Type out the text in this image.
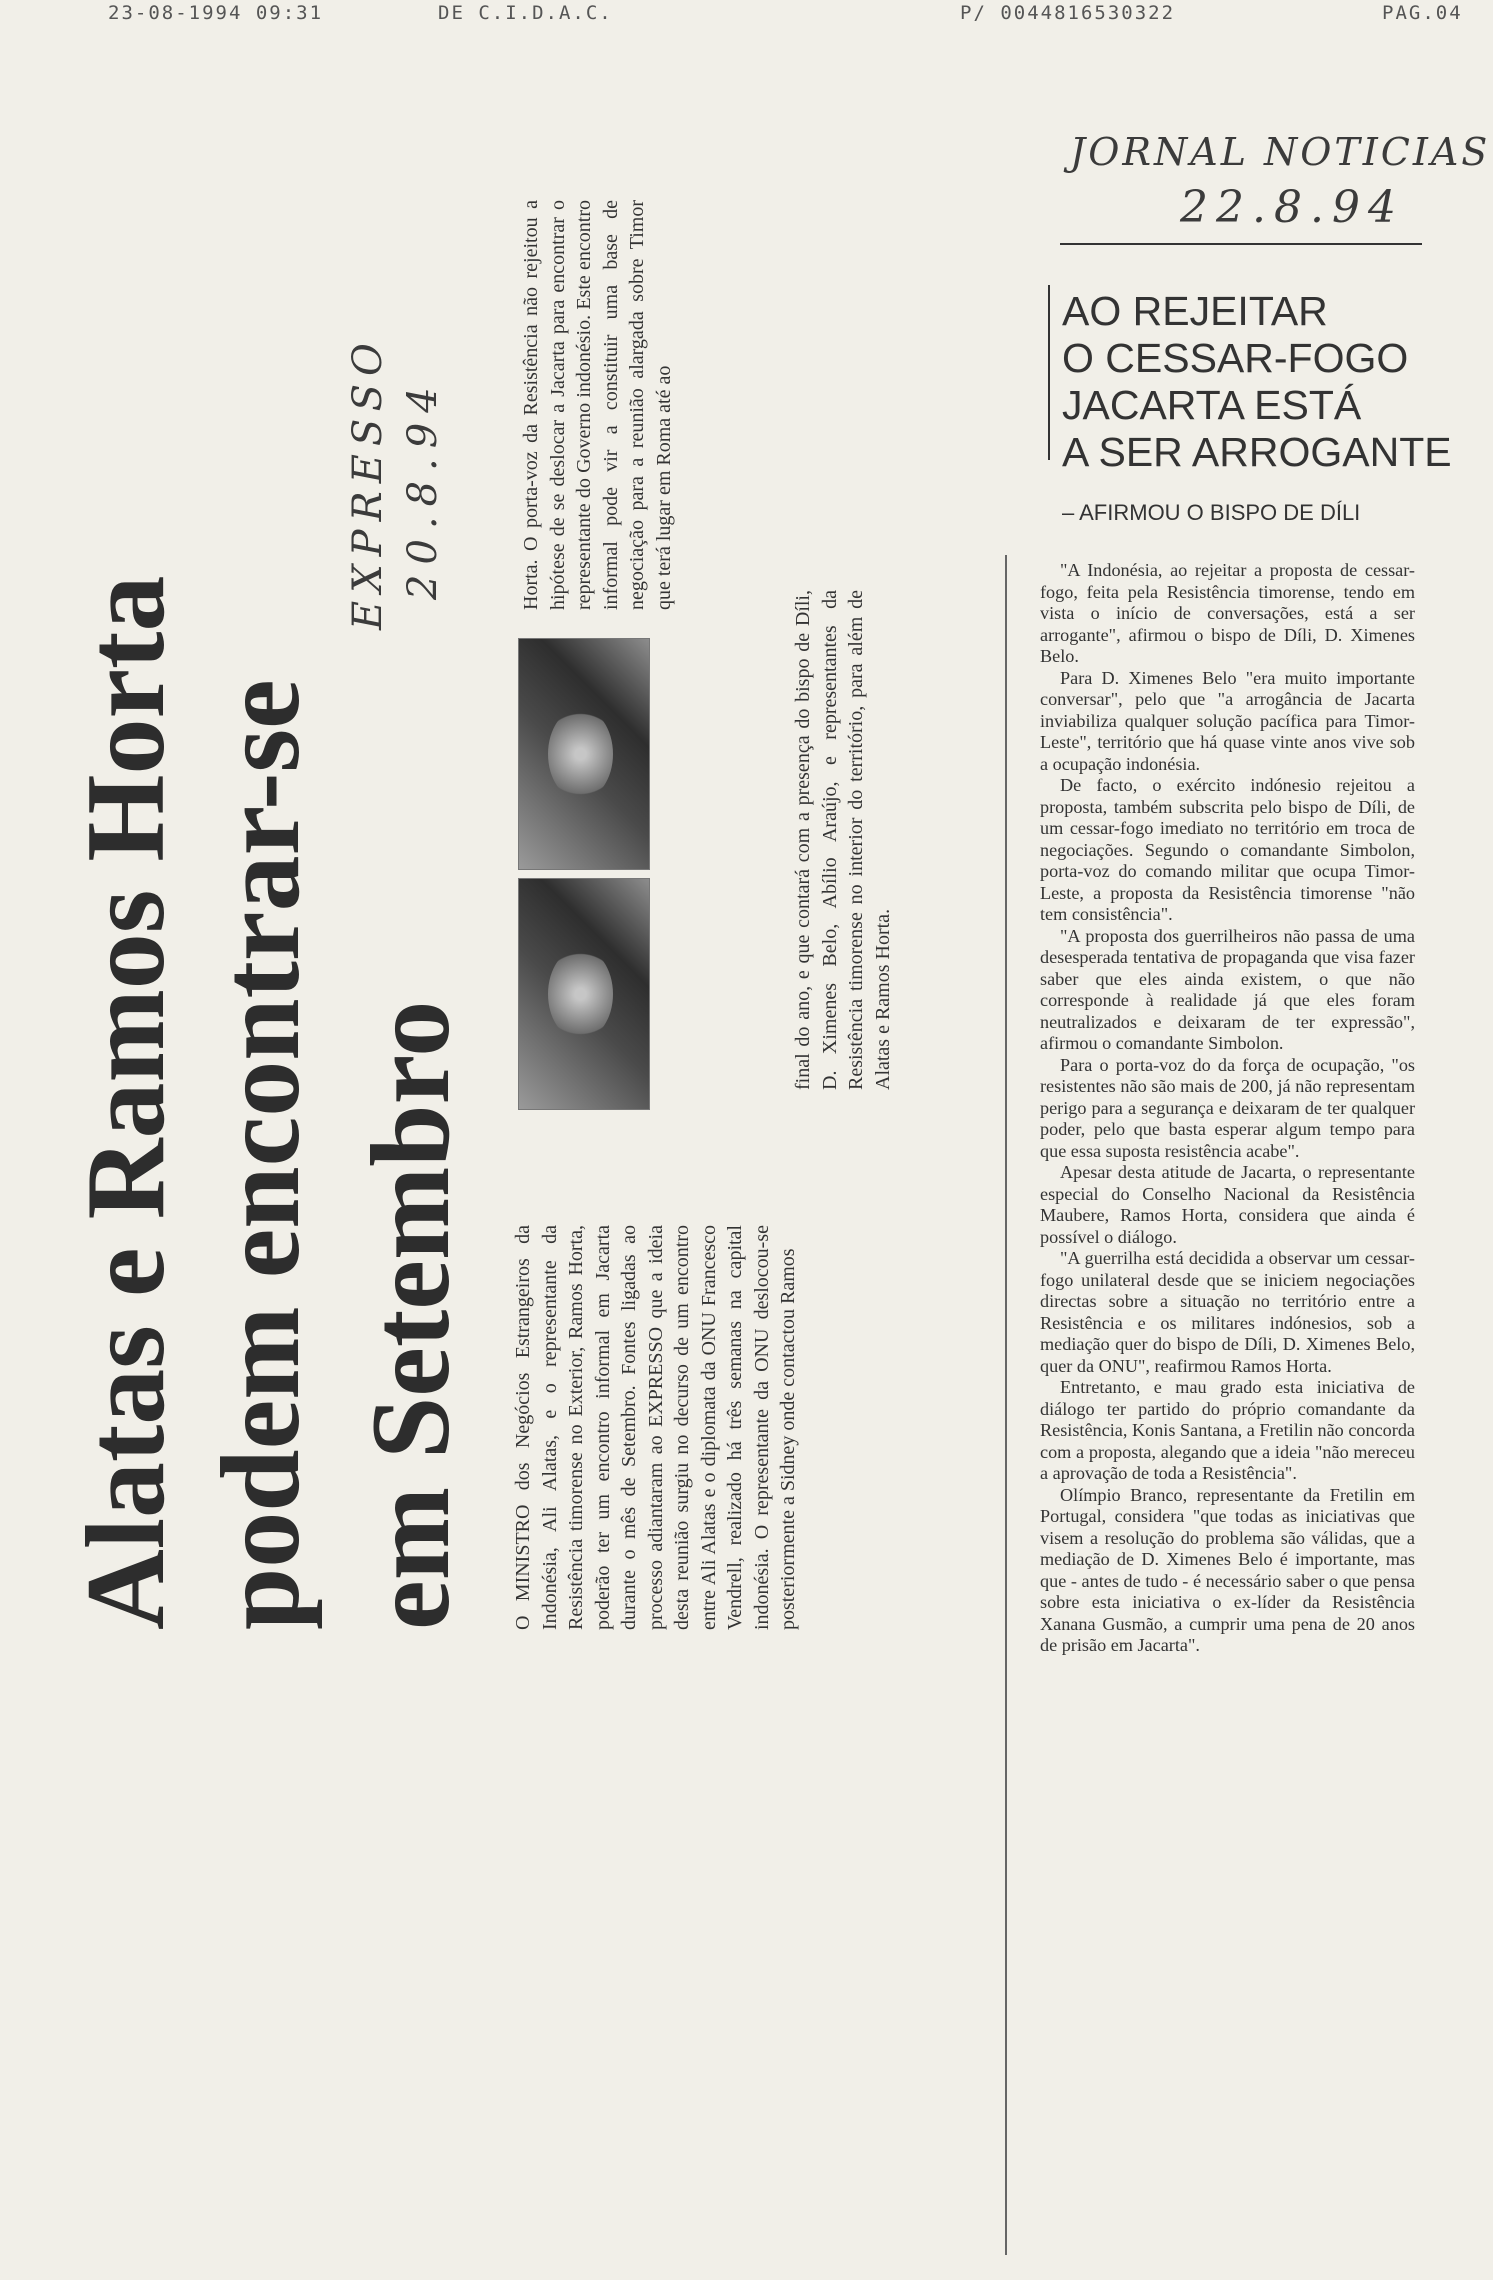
23-08-1994 09:31	DE C.I.D.A.C.	P/ 0044816530322	PAG.04
JORNAL NOTICIAS
22.8.94
Alatas e Ramos Horta podem encontrar-se em Setembro
EXPRESSO 20.8.94
O MINISTRO dos Negócios Estrangeiros da Indonésia, Ali Alatas, e o representante da Resistência timorense no Exterior, Ramos Horta, poderão ter um encontro informal em Jacarta durante o mês de Setembro. Fontes ligadas ao processo adiantaram ao EXPRESSO que a ideia desta reunião surgiu no decurso de um encontro entre Ali Alatas e o diplomata da ONU Francesco Vendrell, realizado há três semanas na capital indonésia. O representante da ONU deslocou-se posteriormente a Sidney onde contactou Ramos
Horta. O porta-voz da Resistência não rejeitou a hipótese de se deslocar a Jacarta para encontrar o representante do Governo indonésio. Este encontro informal pode vir a constituir uma base de negociação para a reunião alargada sobre Timor que terá lugar em Roma até ao
final do ano, e que contará com a presença do bispo de Díli, D. Ximenes Belo, Abílio Araújo, e representantes da Resistência timorense no interior do território, para além de Alatas e Ramos Horta.
AO REJEITAR
O CESSAR-FOGO
JACARTA ESTÁ
A SER ARROGANTE
– AFIRMOU O BISPO DE DÍLI

"A Indonésia, ao rejeitar a proposta de cessar-fogo, feita pela Resistência timorense, tendo em vista o início de conversações, está a ser arrogante", afirmou o bispo de Díli, D. Ximenes Belo.

Para D. Ximenes Belo "era muito importante conversar", pelo que "a arrogância de Jacarta inviabiliza qualquer solução pacífica para Timor-Leste", território que há quase vinte anos vive sob a ocupação indonésia.

De facto, o exército indónesio rejeitou a proposta, também subscrita pelo bispo de Díli, de um cessar-fogo imediato no território em troca de negociações. Segundo o comandante Simbolon, porta-voz do comando militar que ocupa Timor-Leste, a proposta da Resistência timorense "não tem consistência".

"A proposta dos guerrilheiros não passa de uma desesperada tentativa de propaganda que visa fazer saber que eles ainda existem, o que não corresponde à realidade já que eles foram neutralizados e deixaram de ter expressão", afirmou o comandante Simbolon.

Para o porta-voz do da força de ocupação, "os resistentes não são mais de 200, já não representam perigo para a segurança e deixaram de ter qualquer poder, pelo que basta esperar algum tempo para que essa suposta resistência acabe".

Apesar desta atitude de Jacarta, o representante especial do Conselho Nacional da Resistência Maubere, Ramos Horta, considera que ainda é possível o diálogo.

"A guerrilha está decidida a observar um cessar-fogo unilateral desde que se iniciem negociações directas sobre a situação no território entre a Resistência e os militares indónesios, sob a mediação quer do bispo de Díli, D. Ximenes Belo, quer da ONU", reafirmou Ramos Horta.

Entretanto, e mau grado esta iniciativa de diálogo ter partido do próprio comandante da Resistência, Konis Santana, a Fretilin não concorda com a proposta, alegando que a ideia "não mereceu a aprovação de toda a Resistência".

Olímpio Branco, representante da Fretilin em Portugal, considera "que todas as iniciativas que visem a resolução do problema são válidas, que a mediação de D. Ximenes Belo é importante, mas que - antes de tudo - é necessário saber o que pensa sobre esta iniciativa o ex-líder da Resistência Xanana Gusmão, a cumprir uma pena de 20 anos de prisão em Jacarta".
